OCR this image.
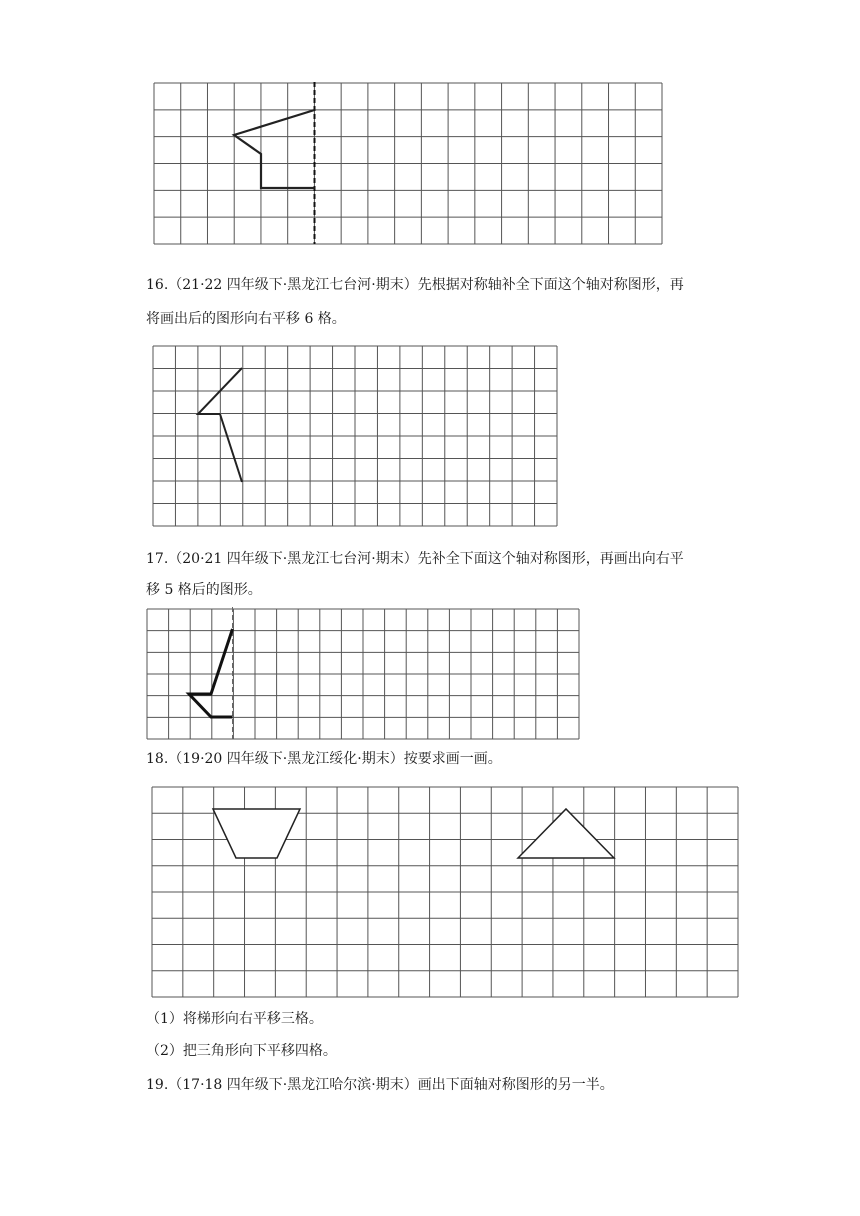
16.（21·22 四年级下·黑龙江七台河·期末）先根据对称轴补全下面这个轴对称图形，再
将画出后的图形向右平移 6 格。
17.（20·21 四年级下·黑龙江七台河·期末）先补全下面这个轴对称图形，再画出向右平
移 5 格后的图形。
18.（19·20 四年级下·黑龙江绥化·期末）按要求画一画。
（1）将梯形向右平移三格。
（2）把三角形向下平移四格。
19.（17·18 四年级下·黑龙江哈尔滨·期末）画出下面轴对称图形的另一半。
